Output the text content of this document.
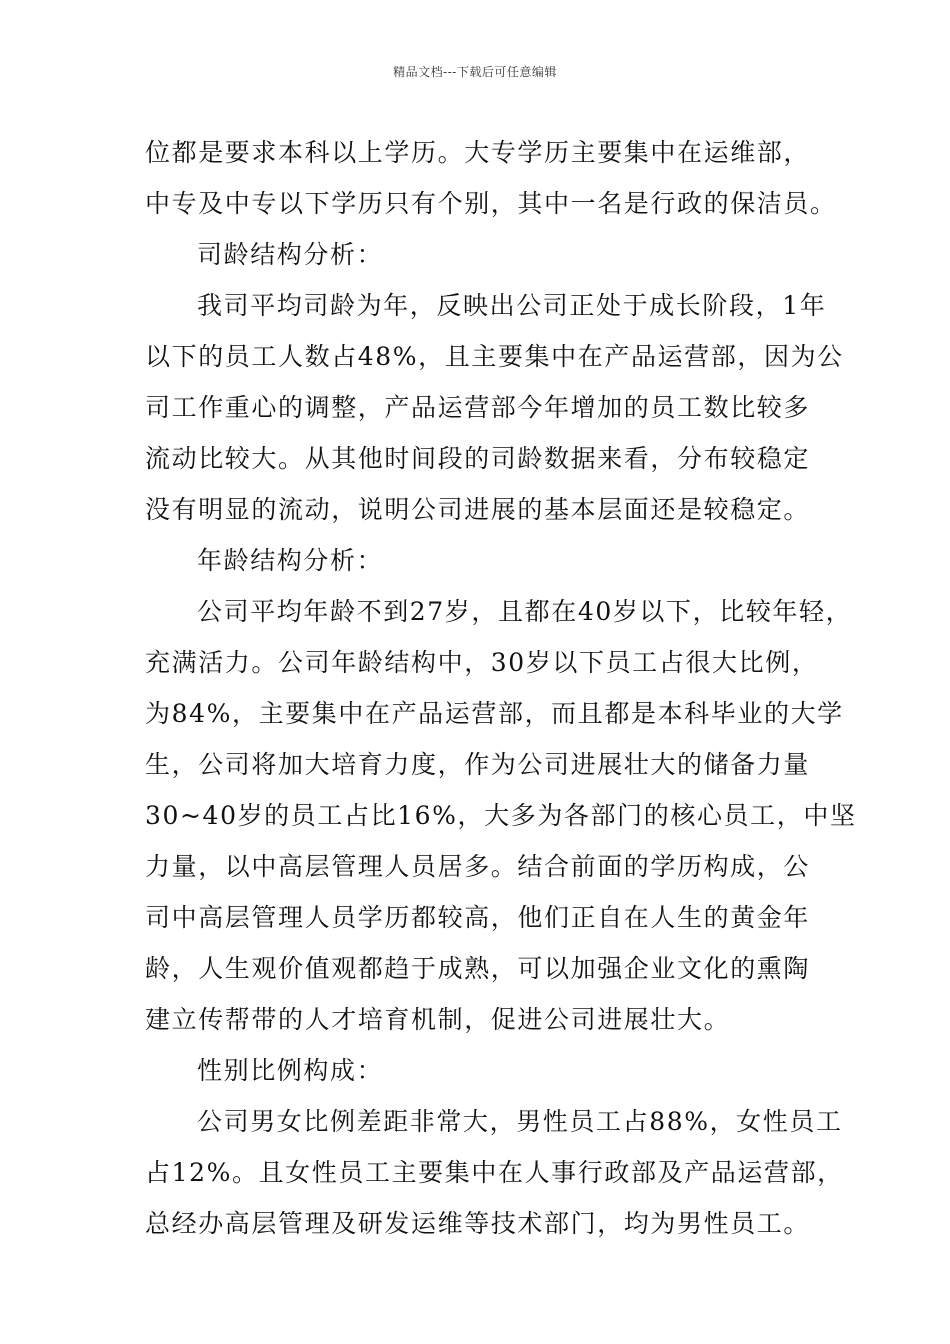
精品文档---下载后可任意编辑
位都是要求本科以上学历。大专学历主要集中在运维部，
中专及中专以下学历只有个别，其中一名是行政的保洁员。
司龄结构分析：
我司平均司龄为年，反映出公司正处于成长阶段，1年
以下的员工人数占48%，且主要集中在产品运营部，因为公
司工作重心的调整，产品运营部今年增加的员工数比较多
流动比较大。从其他时间段的司龄数据来看，分布较稳定
没有明显的流动，说明公司进展的基本层面还是较稳定。
年龄结构分析：
公司平均年龄不到27岁，且都在40岁以下，比较年轻，
充满活力。公司年龄结构中，30岁以下员工占很大比例，
为84%，主要集中在产品运营部，而且都是本科毕业的大学
生，公司将加大培育力度，作为公司进展壮大的储备力量
30~40岁的员工占比16%，大多为各部门的核心员工，中坚
力量，以中高层管理人员居多。结合前面的学历构成，公
司中高层管理人员学历都较高，他们正自在人生的黄金年
龄，人生观价值观都趋于成熟，可以加强企业文化的熏陶
建立传帮带的人才培育机制，促进公司进展壮大。
性别比例构成：
公司男女比例差距非常大，男性员工占88%，女性员工
占12%。且女性员工主要集中在人事行政部及产品运营部，
总经办高层管理及研发运维等技术部门，均为男性员工。
